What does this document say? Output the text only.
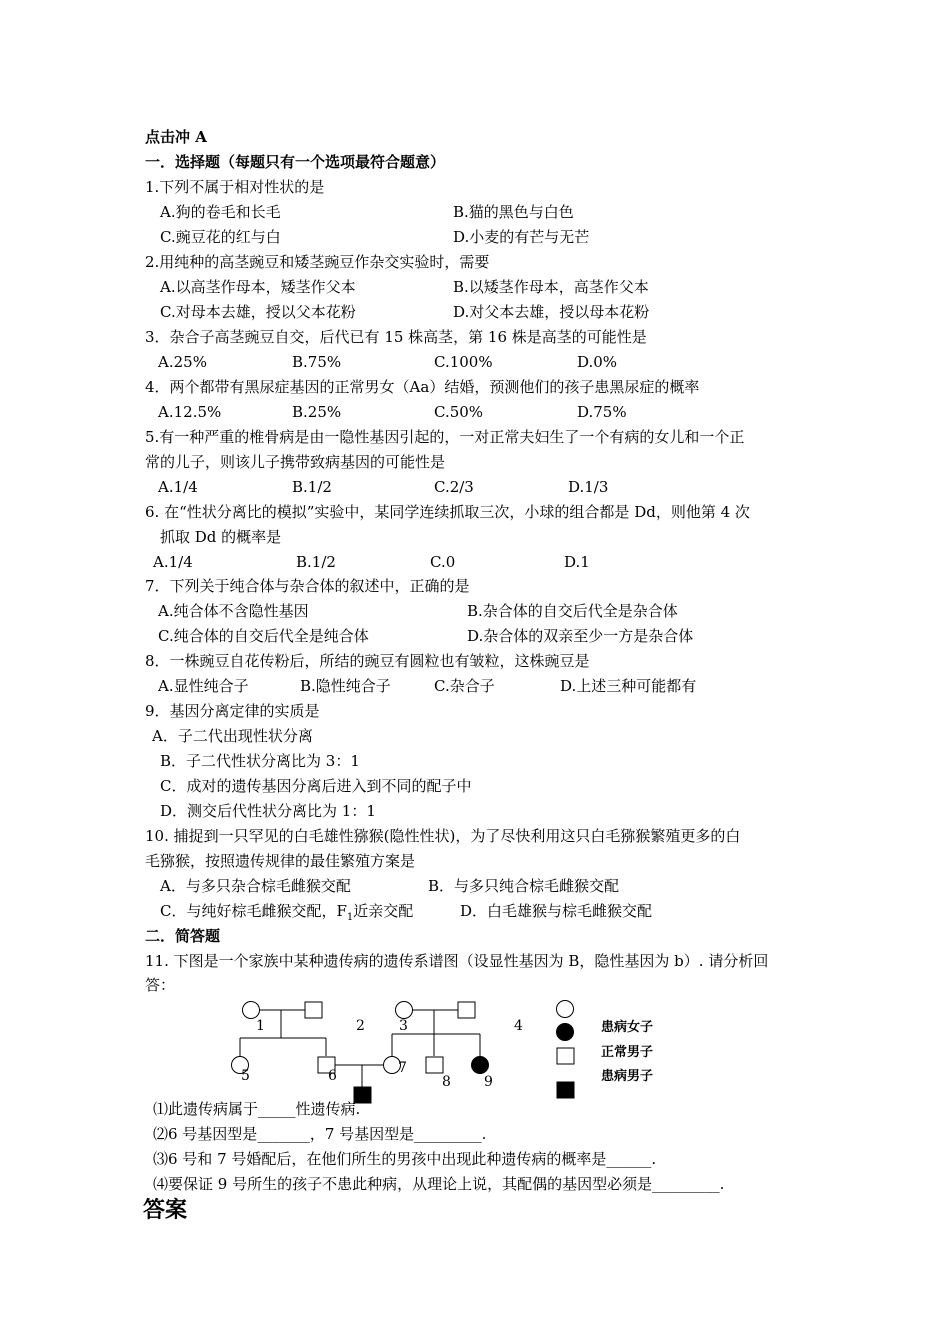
点击冲 A
一．选择题（每题只有一个选项最符合题意）
1.下列不属于相对性状的是
A.狗的卷毛和长毛	B.猫的黑色与白色
C.豌豆花的红与白	D.小麦的有芒与无芒
2.用纯种的高茎豌豆和矮茎豌豆作杂交实验时，需要
A.以高茎作母本，矮茎作父本	B.以矮茎作母本，高茎作父本
C.对母本去雄，授以父本花粉	D.对父本去雄，授以母本花粉
3．杂合子高茎豌豆自交，后代已有 15 株高茎，第 16 株是高茎的可能性是
A.25%	B.75%	C.100%	D.0%
4．两个都带有黑尿症基因的正常男女（Aa）结婚，预测他们的孩子患黑尿症的概率
A.12.5%	B.25%	C.50%	D.75%
5.有一种严重的椎骨病是由一隐性基因引起的，一对正常夫妇生了一个有病的女儿和一个正
常的儿子，则该儿子携带致病基因的可能性是
A.1/4	B.1/2	C.2/3	D.1/3
6. 在“性状分离比的模拟”实验中，某同学连续抓取三次，小球的组合都是 Dd，则他第 4 次
抓取 Dd 的概率是
A.1/4	B.1/2	C.0	D.1
7．下列关于纯合体与杂合体的叙述中，正确的是
A.纯合体不含隐性基因	B.杂合体的自交后代全是杂合体
C.纯合体的自交后代全是纯合体	D.杂合体的双亲至少一方是杂合体
8．一株豌豆自花传粉后，所结的豌豆有圆粒也有皱粒，这株豌豆是
A.显性纯合子	B.隐性纯合子	C.杂合子	D.上述三种可能都有
9．基因分离定律的实质是
A．子二代出现性状分离
B．子二代性状分离比为 3：1
C．成对的遗传基因分离后进入到不同的配子中
D．测交后代性状分离比为 1：1
10. 捕捉到一只罕见的白毛雄性猕猴(隐性性状)，为了尽快利用这只白毛猕猴繁殖更多的白
毛猕猴，按照遗传规律的最佳繁殖方案是
A．与多只杂合棕毛雌猴交配	B．与多只纯合棕毛雌猴交配
C．与纯好棕毛雌猴交配，$F_1$近亲交配	D．白毛雄猴与棕毛雌猴交配
二．简答题
11. 下图是一个家族中某种遗传病的遗传系谱图（设显性基因为 B，隐性基因为 b）. 请分析回
答：
1	2 3	4
5	6	7
8 9
患病女子
正常男子
患病男子
⑴此遗传病属于_____性遗传病.
⑵6 号基因型是_______，7 号基因型是_________.
⑶6 号和 7 号婚配后，在他们所生的男孩中出现此种遗传病的概率是______.
⑷要保证 9 号所生的孩子不患此种病，从理论上说，其配偶的基因型必须是_________.
答案
